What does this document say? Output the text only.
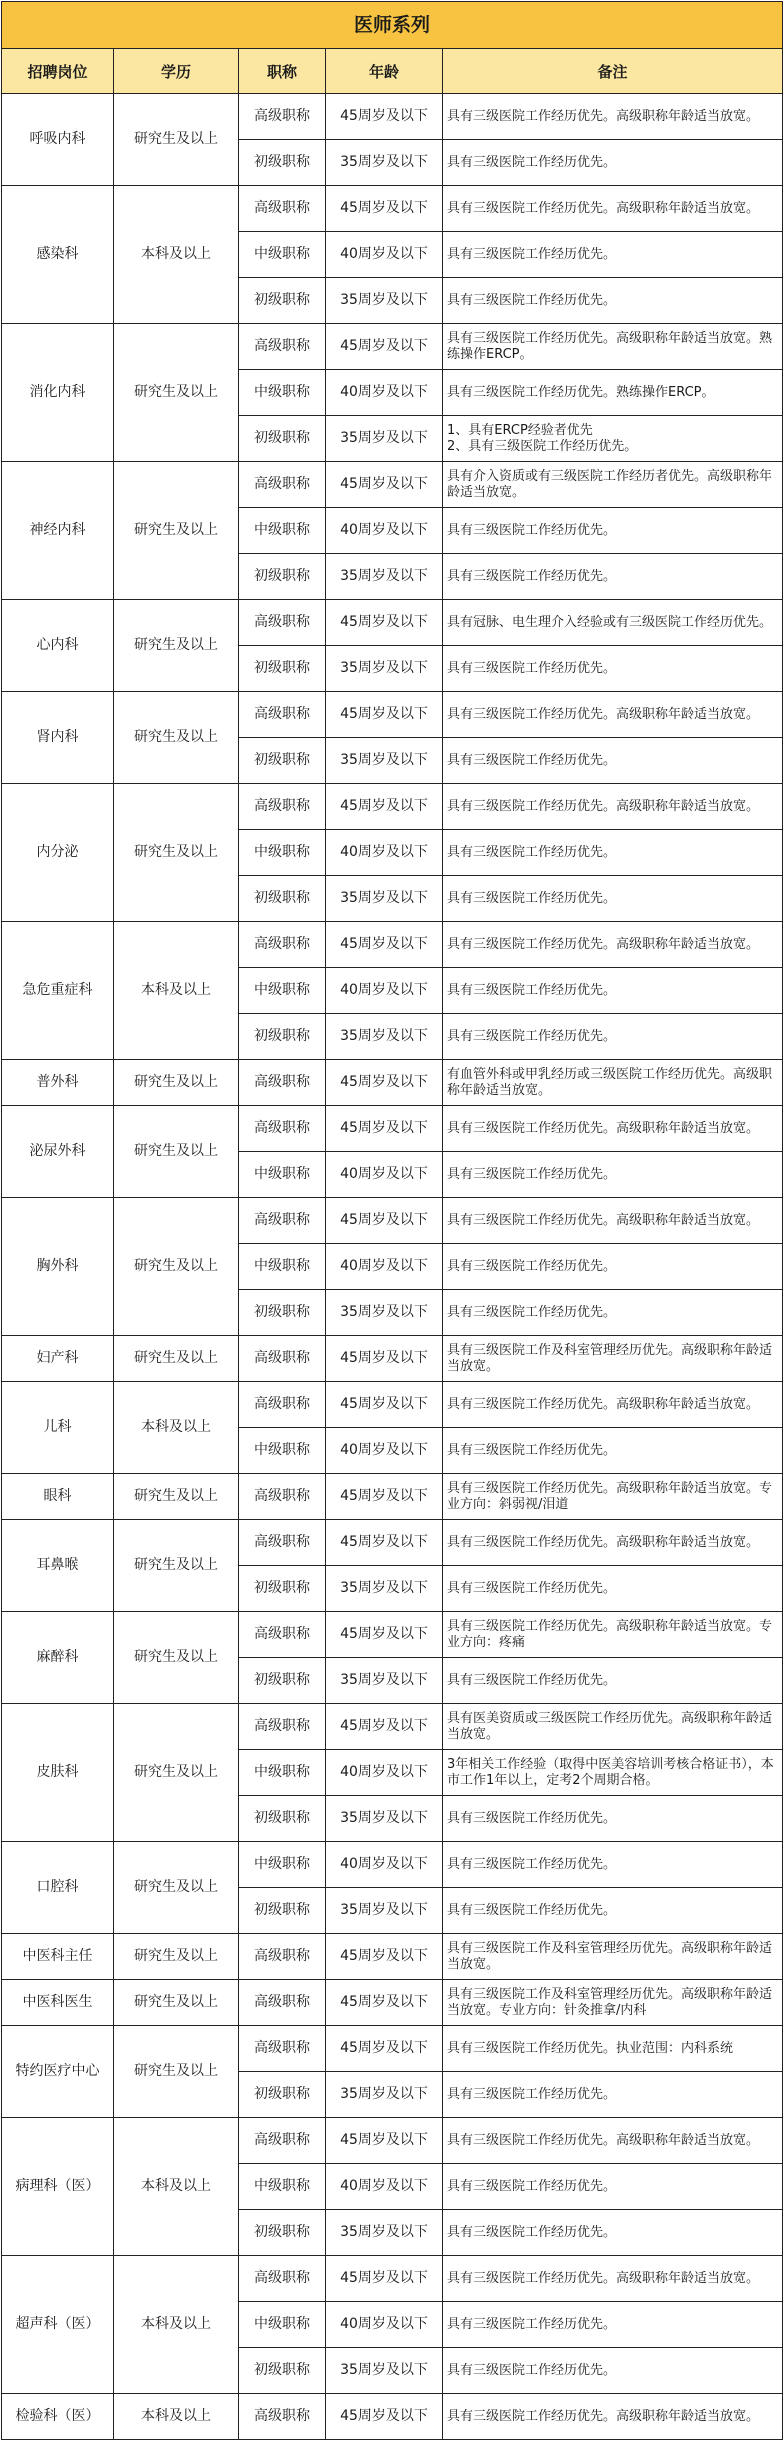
医师系列				
招聘岗位	学历	职称	年龄	备注
呼吸内科	研究生及以上	高级职称	45周岁及以下	具有三级医院工作经历优先。高级职称年龄适当放宽。
		初级职称	35周岁及以下	具有三级医院工作经历优先。
感染科	本科及以上	高级职称	45周岁及以下	具有三级医院工作经历优先。高级职称年龄适当放宽。
		中级职称	40周岁及以下	具有三级医院工作经历优先。
		初级职称	35周岁及以下	具有三级医院工作经历优先。
消化内科	研究生及以上	高级职称	45周岁及以下	具有三级医院工作经历优先。高级职称年龄适当放宽。熟练操作ERCP。
		中级职称	40周岁及以下	具有三级医院工作经历优先。熟练操作ERCP。
		初级职称	35周岁及以下	1、具有ERCP经验者优先
2、具有三级医院工作经历优先。
神经内科	研究生及以上	高级职称	45周岁及以下	具有介入资质或有三级医院工作经历者优先。高级职称年龄适当放宽。
		中级职称	40周岁及以下	具有三级医院工作经历优先。
		初级职称	35周岁及以下	具有三级医院工作经历优先。
心内科	研究生及以上	高级职称	45周岁及以下	具有冠脉、电生理介入经验或有三级医院工作经历优先。
		初级职称	35周岁及以下	具有三级医院工作经历优先。
肾内科	研究生及以上	高级职称	45周岁及以下	具有三级医院工作经历优先。高级职称年龄适当放宽。
		初级职称	35周岁及以下	具有三级医院工作经历优先。
内分泌	研究生及以上	高级职称	45周岁及以下	具有三级医院工作经历优先。高级职称年龄适当放宽。
		中级职称	40周岁及以下	具有三级医院工作经历优先。
		初级职称	35周岁及以下	具有三级医院工作经历优先。
急危重症科	本科及以上	高级职称	45周岁及以下	具有三级医院工作经历优先。高级职称年龄适当放宽。
		中级职称	40周岁及以下	具有三级医院工作经历优先。
		初级职称	35周岁及以下	具有三级医院工作经历优先。
普外科	研究生及以上	高级职称	45周岁及以下	有血管外科或甲乳经历或三级医院工作经历优先。高级职称年龄适当放宽。
泌尿外科	研究生及以上	高级职称	45周岁及以下	具有三级医院工作经历优先。高级职称年龄适当放宽。
		中级职称	40周岁及以下	具有三级医院工作经历优先。
胸外科	研究生及以上	高级职称	45周岁及以下	具有三级医院工作经历优先。高级职称年龄适当放宽。
		中级职称	40周岁及以下	具有三级医院工作经历优先。
		初级职称	35周岁及以下	具有三级医院工作经历优先。
妇产科	研究生及以上	高级职称	45周岁及以下	具有三级医院工作及科室管理经历优先。高级职称年龄适当放宽。
儿科	本科及以上	高级职称	45周岁及以下	具有三级医院工作经历优先。高级职称年龄适当放宽。
		中级职称	40周岁及以下	具有三级医院工作经历优先。
眼科	研究生及以上	高级职称	45周岁及以下	具有三级医院工作经历优先。高级职称年龄适当放宽。专业方向：斜弱视/泪道
耳鼻喉	研究生及以上	高级职称	45周岁及以下	具有三级医院工作经历优先。高级职称年龄适当放宽。
		初级职称	35周岁及以下	具有三级医院工作经历优先。
麻醉科	研究生及以上	高级职称	45周岁及以下	具有三级医院工作经历优先。高级职称年龄适当放宽。专业方向：疼痛
		初级职称	35周岁及以下	具有三级医院工作经历优先。
皮肤科	研究生及以上	高级职称	45周岁及以下	具有医美资质或三级医院工作经历优先。高级职称年龄适当放宽。
		中级职称	40周岁及以下	3年相关工作经验（取得中医美容培训考核合格证书），本市工作1年以上，定考2个周期合格。
		初级职称	35周岁及以下	具有三级医院工作经历优先。
口腔科	研究生及以上	中级职称	40周岁及以下	具有三级医院工作经历优先。
		初级职称	35周岁及以下	具有三级医院工作经历优先。
中医科主任	研究生及以上	高级职称	45周岁及以下	具有三级医院工作及科室管理经历优先。高级职称年龄适当放宽。
中医科医生	研究生及以上	高级职称	45周岁及以下	具有三级医院工作及科室管理经历优先。高级职称年龄适当放宽。专业方向：针灸推拿/内科
特约医疗中心	研究生及以上	高级职称	45周岁及以下	具有三级医院工作经历优先。执业范围：内科系统
		初级职称	35周岁及以下	具有三级医院工作经历优先。
病理科（医）	本科及以上	高级职称	45周岁及以下	具有三级医院工作经历优先。高级职称年龄适当放宽。
		中级职称	40周岁及以下	具有三级医院工作经历优先。
		初级职称	35周岁及以下	具有三级医院工作经历优先。
超声科（医）	本科及以上	高级职称	45周岁及以下	具有三级医院工作经历优先。高级职称年龄适当放宽。
		中级职称	40周岁及以下	具有三级医院工作经历优先。
		初级职称	35周岁及以下	具有三级医院工作经历优先。
检验科（医）	本科及以上	高级职称	45周岁及以下	具有三级医院工作经历优先。高级职称年龄适当放宽。
